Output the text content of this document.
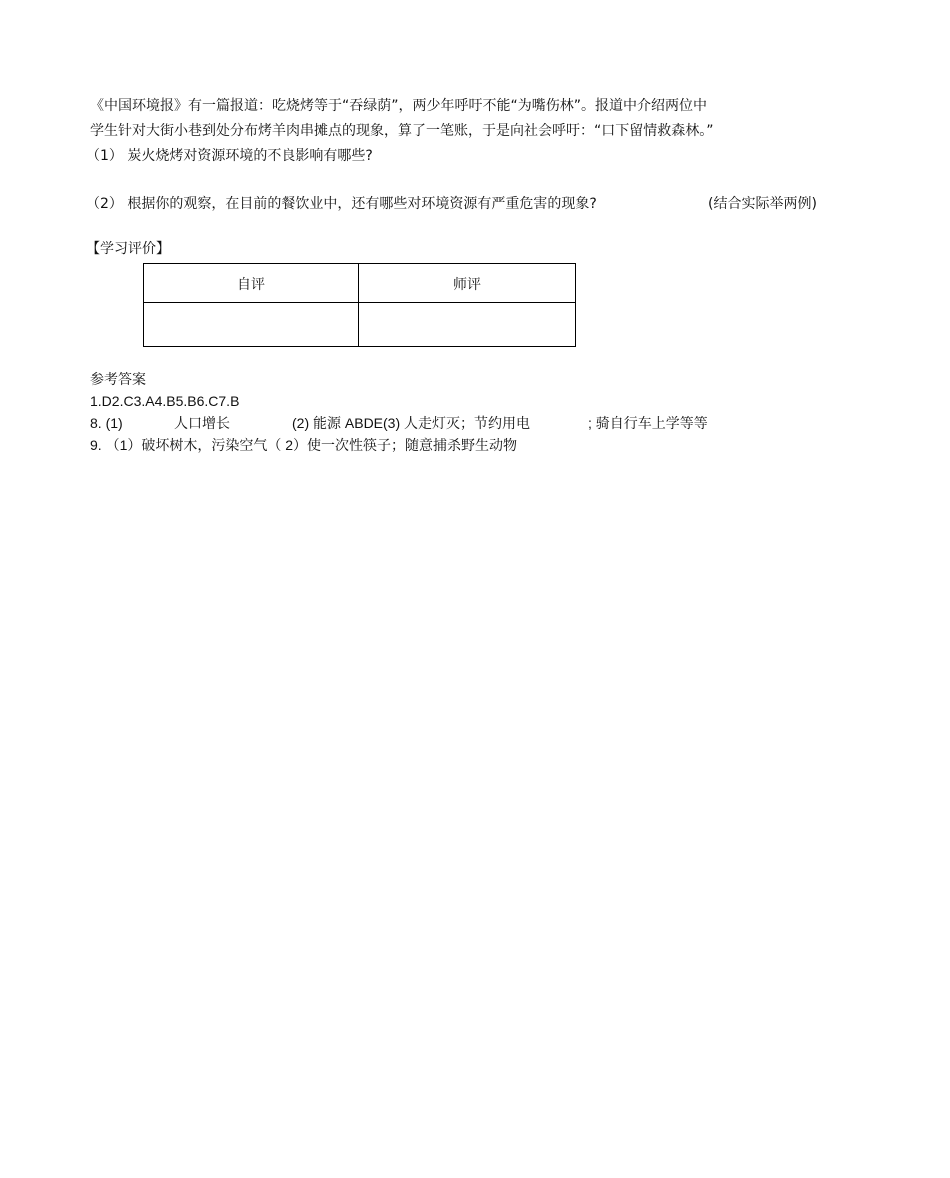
《中国环境报》有一篇报道：吃烧烤等于“吞绿荫”，两少年呼吁不能“为嘴伤林”。报道中介绍两位中
学生针对大街小巷到处分布烤羊肉串摊点的现象，算了一笔账，于是向社会呼吁：“口下留情救森林。”
（1） 炭火烧烤对资源环境的不良影响有哪些?
（2） 根据你的观察，在目前的餐饮业中，还有哪些对环境资源有严重危害的现象?	(结合实际举两例)
【学习评价】
自评	师评
参考答案
1.D2.C3.A4.B5.B6.C7.B
8. (1)	人口增长	(2) 能源 ABDE(3) 人走灯灭；节约用电	; 骑自行车上学等等
9. （1）破坏树木，污染空气（ 2）使一次性筷子；随意捕杀野生动物
